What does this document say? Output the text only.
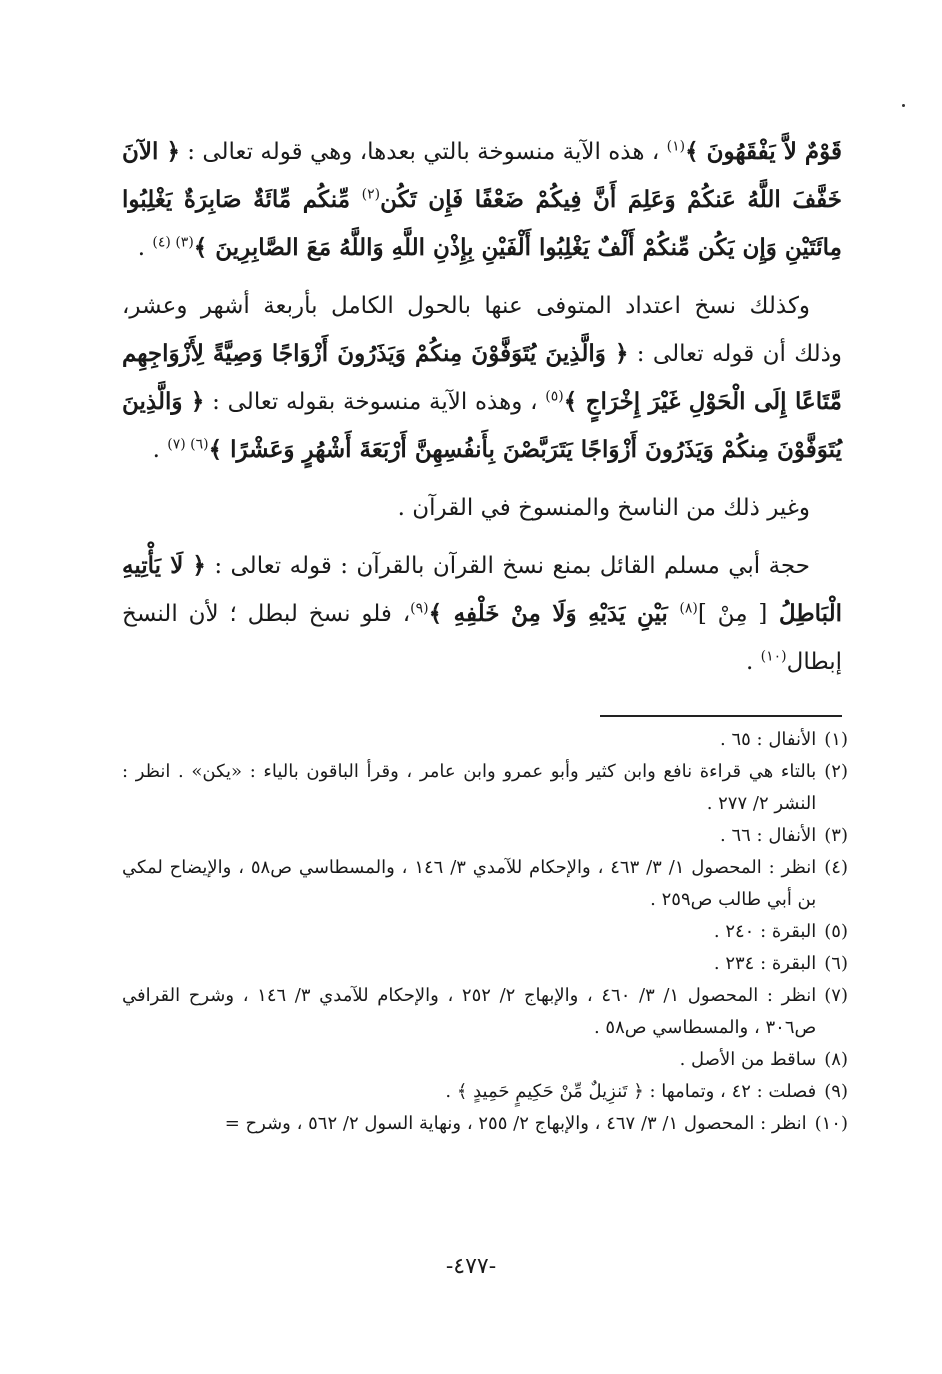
قَوْمٌ لاَّ يَفْقَهُونَ ﴾$^{(١)}$ ، هذه الآية منسوخة بالتي بعدها، وهي قوله تعالى : ﴿ الآنَ خَفَّفَ اللَّهُ عَنكُمْ وَعَلِمَ أَنَّ فِيكُمْ ضَعْفًا فَإِن تَكُن$^{(٢)}$ مِّنكُم مِّائَةٌ صَابِرَةٌ يَغْلِبُوا مِائَتَيْنِ وَإِن يَكُن مِّنكُمْ أَلْفٌ يَغْلِبُوا أَلْفَيْنِ بِإِذْنِ اللَّهِ وَاللَّهُ مَعَ الصَّابِرِينَ ﴾$^{(٣) (٤)}$ .

وكذلك نسخ اعتداد المتوفى عنها بالحول الكامل بأربعة أشهر وعشر، وذلك أن قوله تعالى : ﴿ وَالَّذِينَ يُتَوَفَّوْنَ مِنكُمْ وَيَذَرُونَ أَزْوَاجًا وَصِيَّةً لِأَزْوَاجِهِم مَّتَاعًا إِلَى الْحَوْلِ غَيْرَ إِخْرَاجٍ ﴾$^{(٥)}$ ، وهذه الآية منسوخة بقوله تعالى : ﴿ وَالَّذِينَ يُتَوَفَّوْنَ مِنكُمْ وَيَذَرُونَ أَزْوَاجًا يَتَرَبَّصْنَ بِأَنفُسِهِنَّ أَرْبَعَةَ أَشْهُرٍ وَعَشْرًا ﴾$^{(٦) (٧)}$ .

وغير ذلك من الناسخ والمنسوخ في القرآن .

حجة أبي مسلم القائل بمنع نسخ القرآن بالقرآن : قوله تعالى : ﴿ لَا يَأْتِيهِ الْبَاطِلُ [ مِنْ ]$^{(٨)}$ بَيْنِ يَدَيْهِ وَلَا مِنْ خَلْفِهِ ﴾$^{(٩)}$، فلو نسخ لبطل ؛ لأن النسخ إبطال$^{(١٠)}$ .

(١)
الأنفال : ٦٥ .
(٢)
بالتاء هي قراءة نافع وابن كثير وأبو عمرو وابن عامر ، وقرأ الباقون بالياء : «يكن» . انظر : النشر ٢/ ٢٧٧ .
(٣)
الأنفال : ٦٦ .
(٤)
انظر : المحصول ١/ ٣/ ٤٦٣ ، والإحكام للآمدي ٣/ ١٤٦ ، والمسطاسي ص٥٨ ، والإيضاح لمكي بن أبي طالب ص٢٥٩ .
(٥)
البقرة : ٢٤٠ .
(٦)
البقرة : ٢٣٤ .
(٧)
انظر : المحصول ١/ ٣/ ٤٦٠ ، والإبهاج ٢/ ٢٥٢ ، والإحكام للآمدي ٣/ ١٤٦ ، وشرح القرافي ص٣٠٦ ، والمسطاسي ص٥٨ .
(٨)
ساقط من الأصل .
(٩)
فصلت : ٤٢ ، وتمامها : ﴿ تَنزِيلٌ مِّنْ حَكِيمٍ حَمِيدٍ ﴾ .
(١٠)
انظر : المحصول ١/ ٣/ ٤٦٧ ، والإبهاج ٢/ ٢٥٥ ، ونهاية السول ٢/ ٥٦٢ ، وشرح =
-٤٧٧-
